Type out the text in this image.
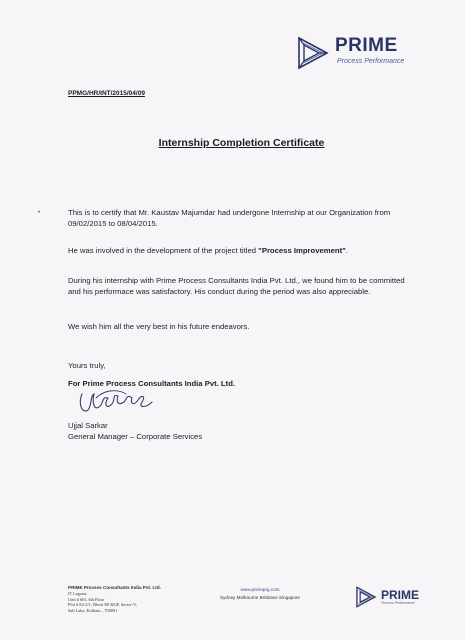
PRIME
Process Performance
PPMG/HR/INT/2015/04/09
Internship Completion Certificate
•	This is to certify that Mr. Kaustav Majumdar had undergone Internship at our Organization from 09/02/2015 to 08/04/2015.

He was involved in the development of the project titled "Process Improvement".

During his internship with Prime Process Consultants India Pvt. Ltd., we found him to be committed and his performace was satisfactory. His conduct during the period was also appreciable.

We wish him all the very best in his future endeavors.

Yours truly,

For Prime Process Consultants India Pvt. Ltd.

Ujjal Sarkar
General Manager – Corporate Services
PRIME Process Consultants India Pvt. Ltd.
IT Lagoon,
Unit # 601, 6th Floor
Plot # E2-2/1, Block EP &GP, Sector-V,
Salt Lake, Kolkata – 700091
www.primeprg.com
Sydney Melbourne Brisbane Singapore	PRIME
Process Performance
